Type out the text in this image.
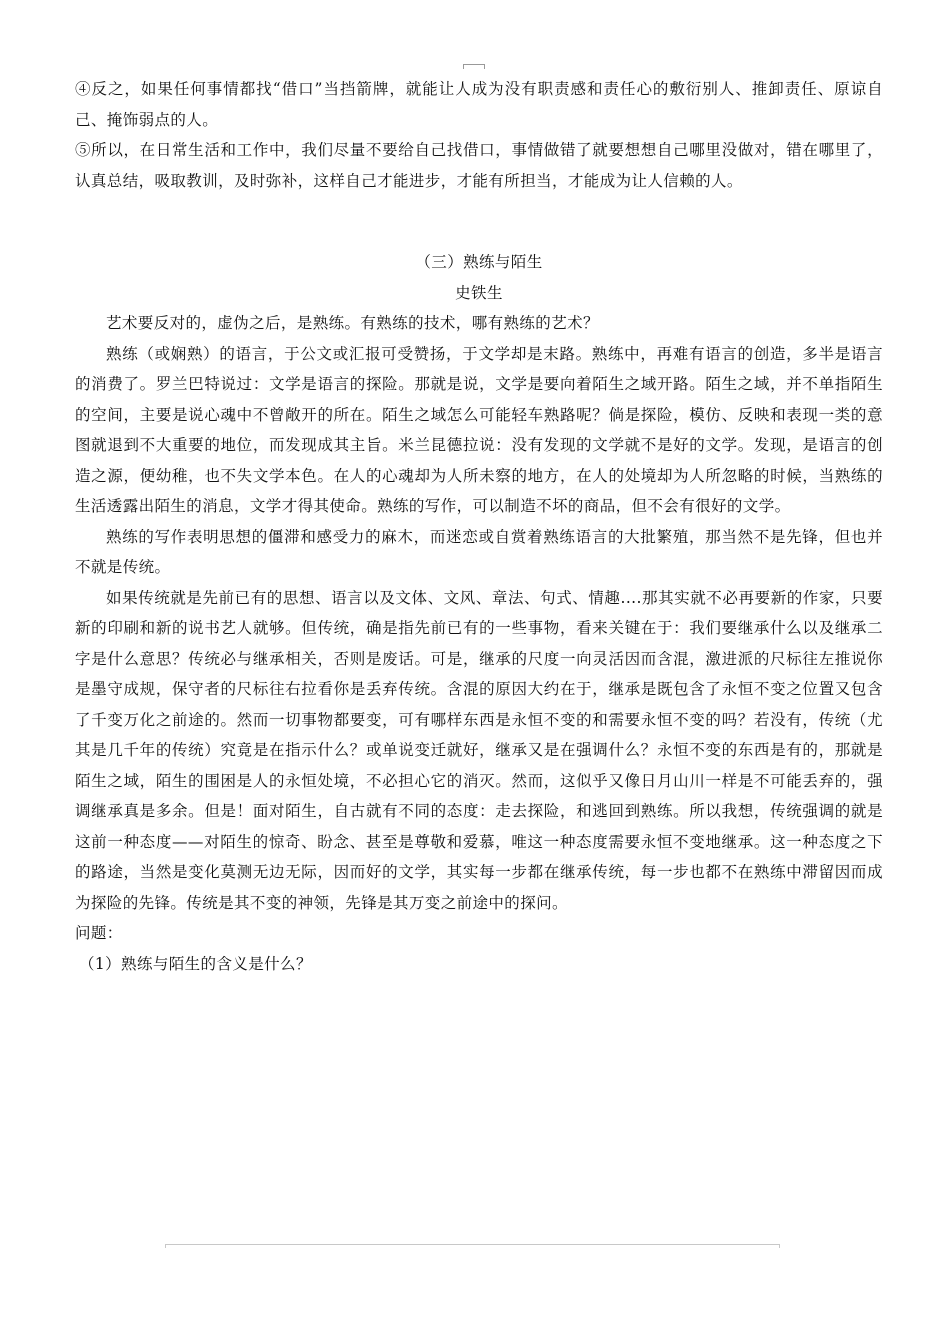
④反之，如果任何事情都找“借口”当挡箭牌，就能让人成为没有职责感和责任心的敷衍别人、推卸责任、原谅自己、掩饰弱点的人。

⑤所以，在日常生活和工作中，我们尽量不要给自己找借口，事情做错了就要想想自己哪里没做对，错在哪里了，认真总结，吸取教训，及时弥补，这样自己才能进步，才能有所担当，才能成为让人信赖的人。

（三）熟练与陌生

史铁生

艺术要反对的，虚伪之后，是熟练。有熟练的技术，哪有熟练的艺术？

熟练（或娴熟）的语言，于公文或汇报可受赞扬，于文学却是末路。熟练中，再难有语言的创造，多半是语言的消费了。罗兰巴特说过：文学是语言的探险。那就是说，文学是要向着陌生之域开路。陌生之域，并不单指陌生的空间，主要是说心魂中不曾敞开的所在。陌生之域怎么可能轻车熟路呢？倘是探险，模仿、反映和表现一类的意图就退到不大重要的地位，而发现成其主旨。米兰昆德拉说：没有发现的文学就不是好的文学。发现，是语言的创造之源，便幼稚，也不失文学本色。在人的心魂却为人所未察的地方，在人的处境却为人所忽略的时候，当熟练的生活透露出陌生的消息，文学才得其使命。熟练的写作，可以制造不坏的商品，但不会有很好的文学。

熟练的写作表明思想的僵滞和感受力的麻木，而迷恋或自赏着熟练语言的大批繁殖，那当然不是先锋，但也并不就是传统。

如果传统就是先前已有的思想、语言以及文体、文风、章法、句式、情趣....那其实就不必再要新的作家，只要新的印刷和新的说书艺人就够。但传统，确是指先前已有的一些事物，看来关键在于：我们要继承什么以及继承二字是什么意思？传统必与继承相关，否则是废话。可是，继承的尺度一向灵活因而含混，激进派的尺标往左推说你是墨守成规，保守者的尺标往右拉看你是丢弃传统。含混的原因大约在于，继承是既包含了永恒不变之位置又包含了千变万化之前途的。然而一切事物都要变，可有哪样东西是永恒不变的和需要永恒不变的吗？若没有，传统（尤其是几千年的传统）究竟是在指示什么？或单说变迁就好，继承又是在强调什么？永恒不变的东西是有的，那就是陌生之域，陌生的围困是人的永恒处境，不必担心它的消灭。然而，这似乎又像日月山川一样是不可能丢弃的，强调继承真是多余。但是！面对陌生，自古就有不同的态度：走去探险，和逃回到熟练。所以我想，传统强调的就是这前一种态度——对陌生的惊奇、盼念、甚至是尊敬和爱慕，唯这一种态度需要永恒不变地继承。这一种态度之下的路途，当然是变化莫测无边无际，因而好的文学，其实每一步都在继承传统，每一步也都不在熟练中滞留因而成为探险的先锋。传统是其不变的神领，先锋是其万变之前途中的探问。

问题：

（1）熟练与陌生的含义是什么？
